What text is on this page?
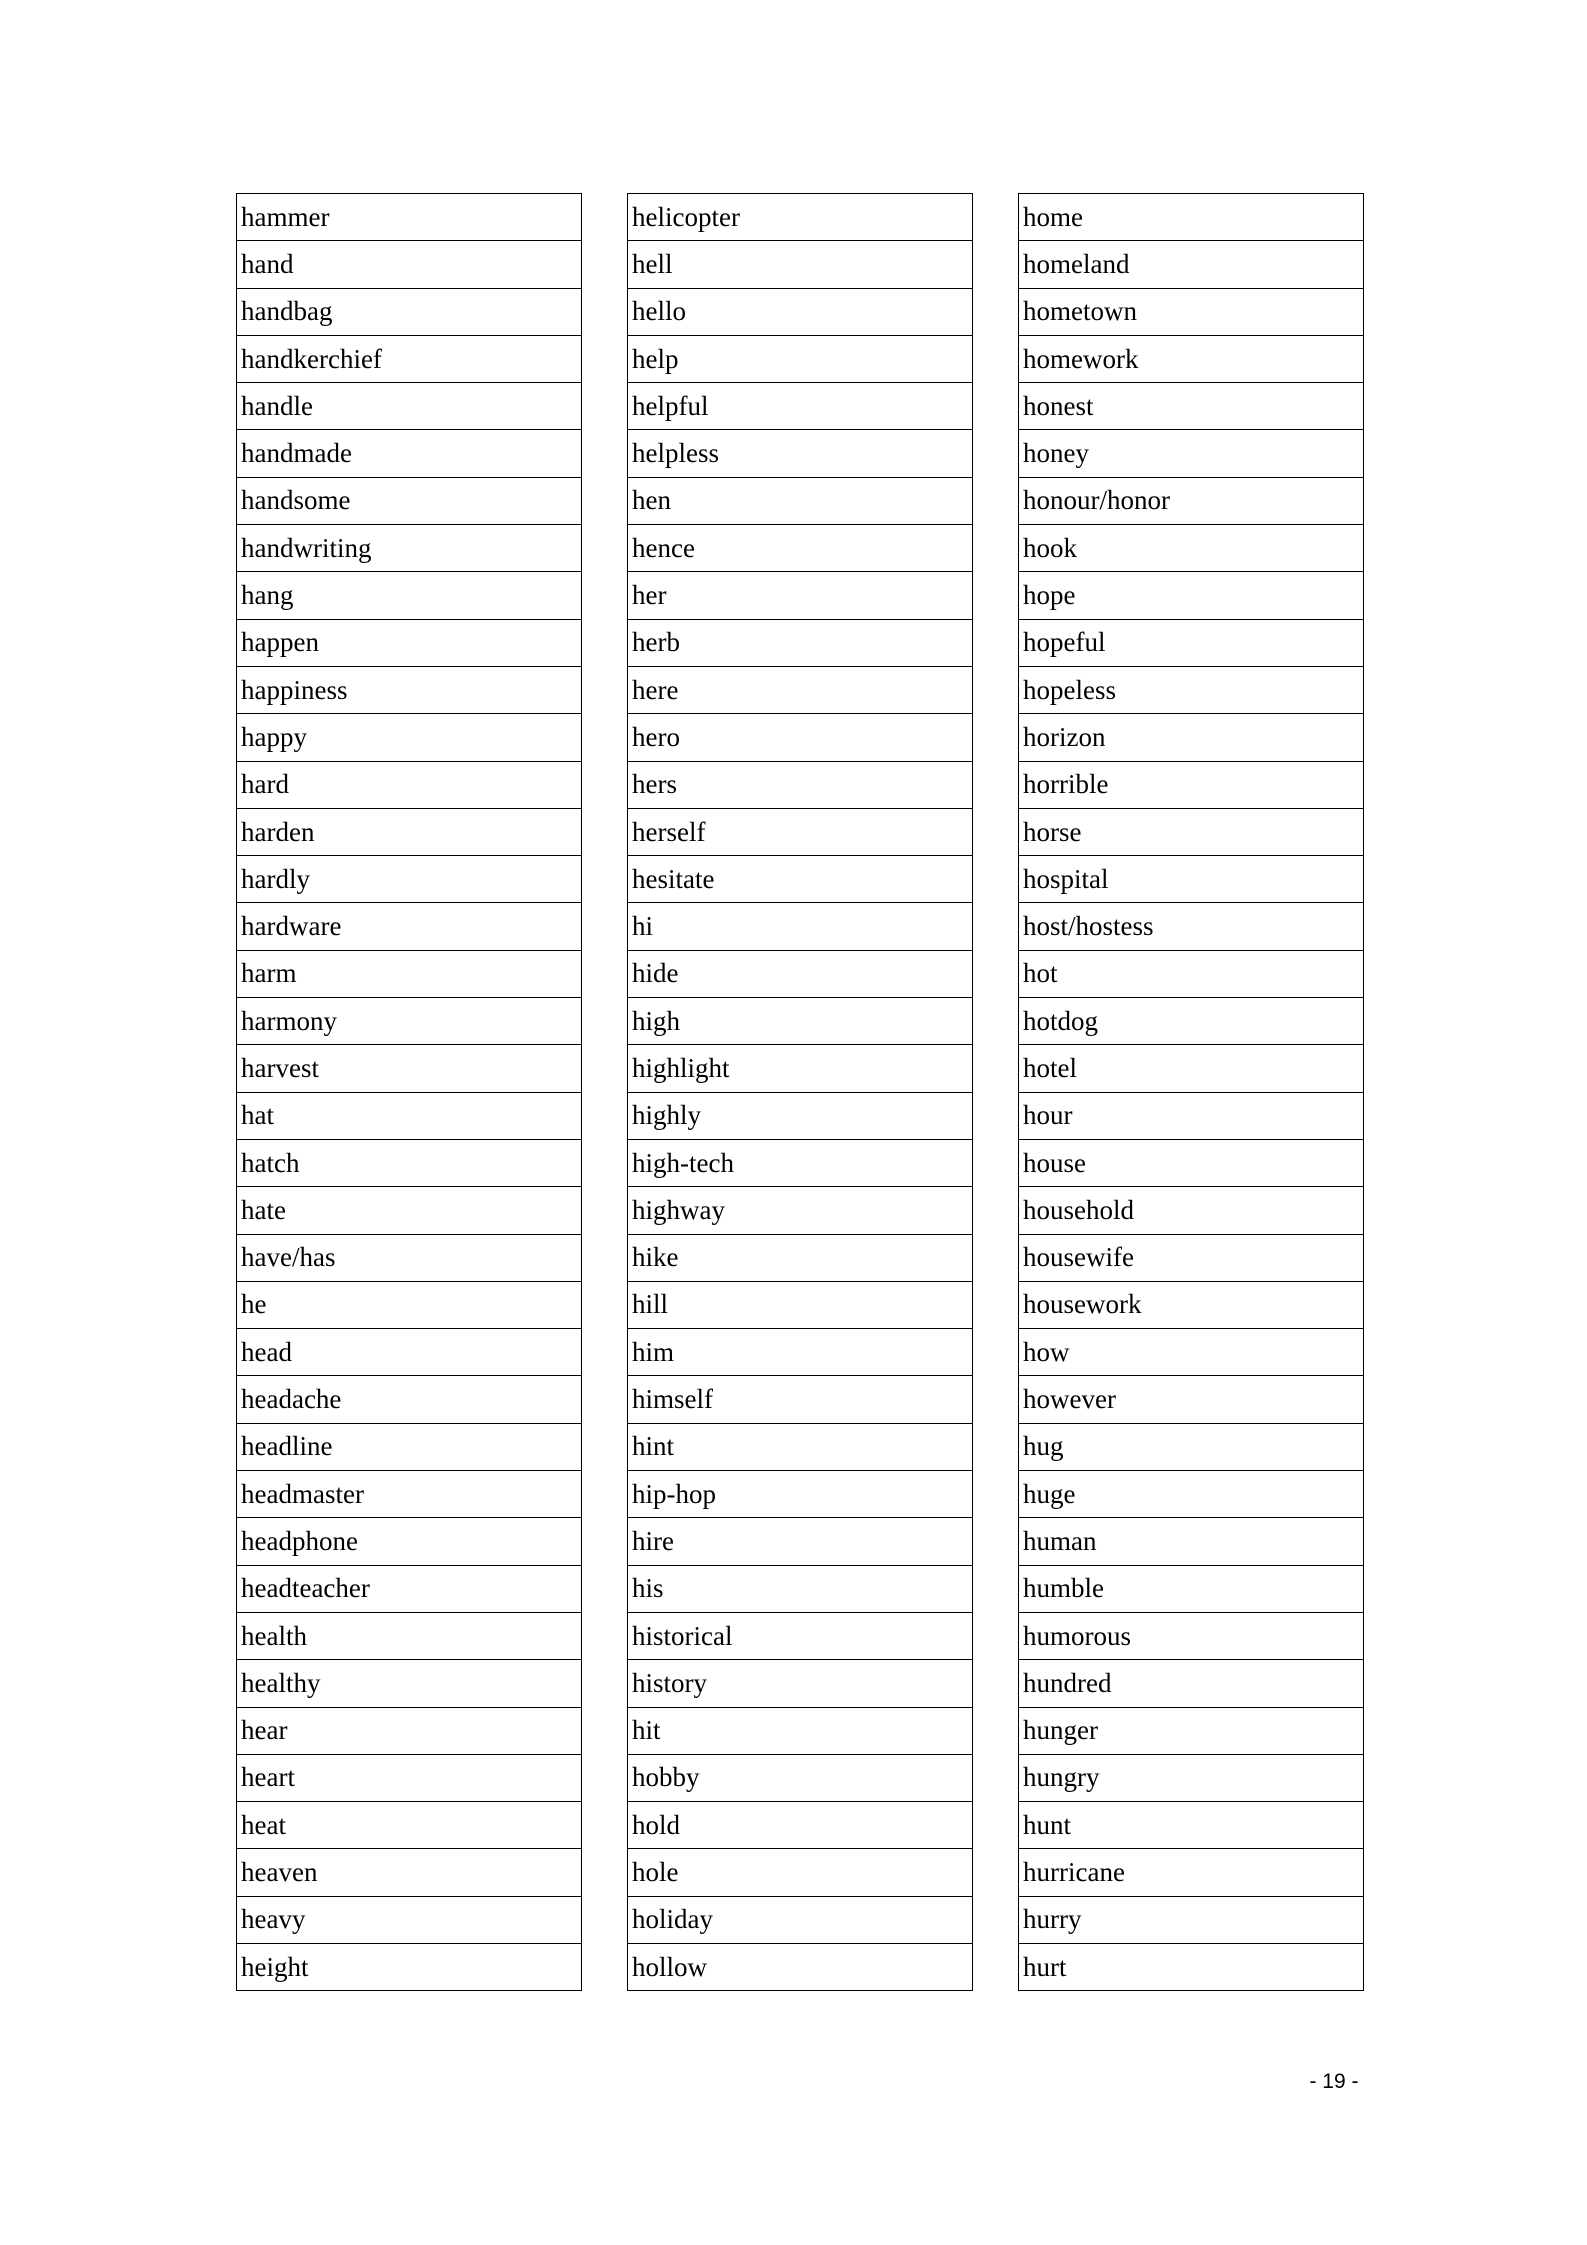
hammer
hand
handbag
handkerchief
handle
handmade
handsome
handwriting
hang
happen
happiness
happy
hard
harden
hardly
hardware
harm
harmony
harvest
hat
hatch
hate
have/has
he
head
headache
headline
headmaster
headphone
headteacher
health
healthy
hear
heart
heat
heaven
heavy
height
helicopter
hell
hello
help
helpful
helpless
hen
hence
her
herb
here
hero
hers
herself
hesitate
hi
hide
high
highlight
highly
high-tech
highway
hike
hill
him
himself
hint
hip-hop
hire
his
historical
history
hit
hobby
hold
hole
holiday
hollow
home
homeland
hometown
homework
honest
honey
honour/honor
hook
hope
hopeful
hopeless
horizon
horrible
horse
hospital
host/hostess
hot
hotdog
hotel
hour
house
household
housewife
housework
how
however
hug
huge
human
humble
humorous
hundred
hunger
hungry
hunt
hurricane
hurry
hurt
- 19 -
